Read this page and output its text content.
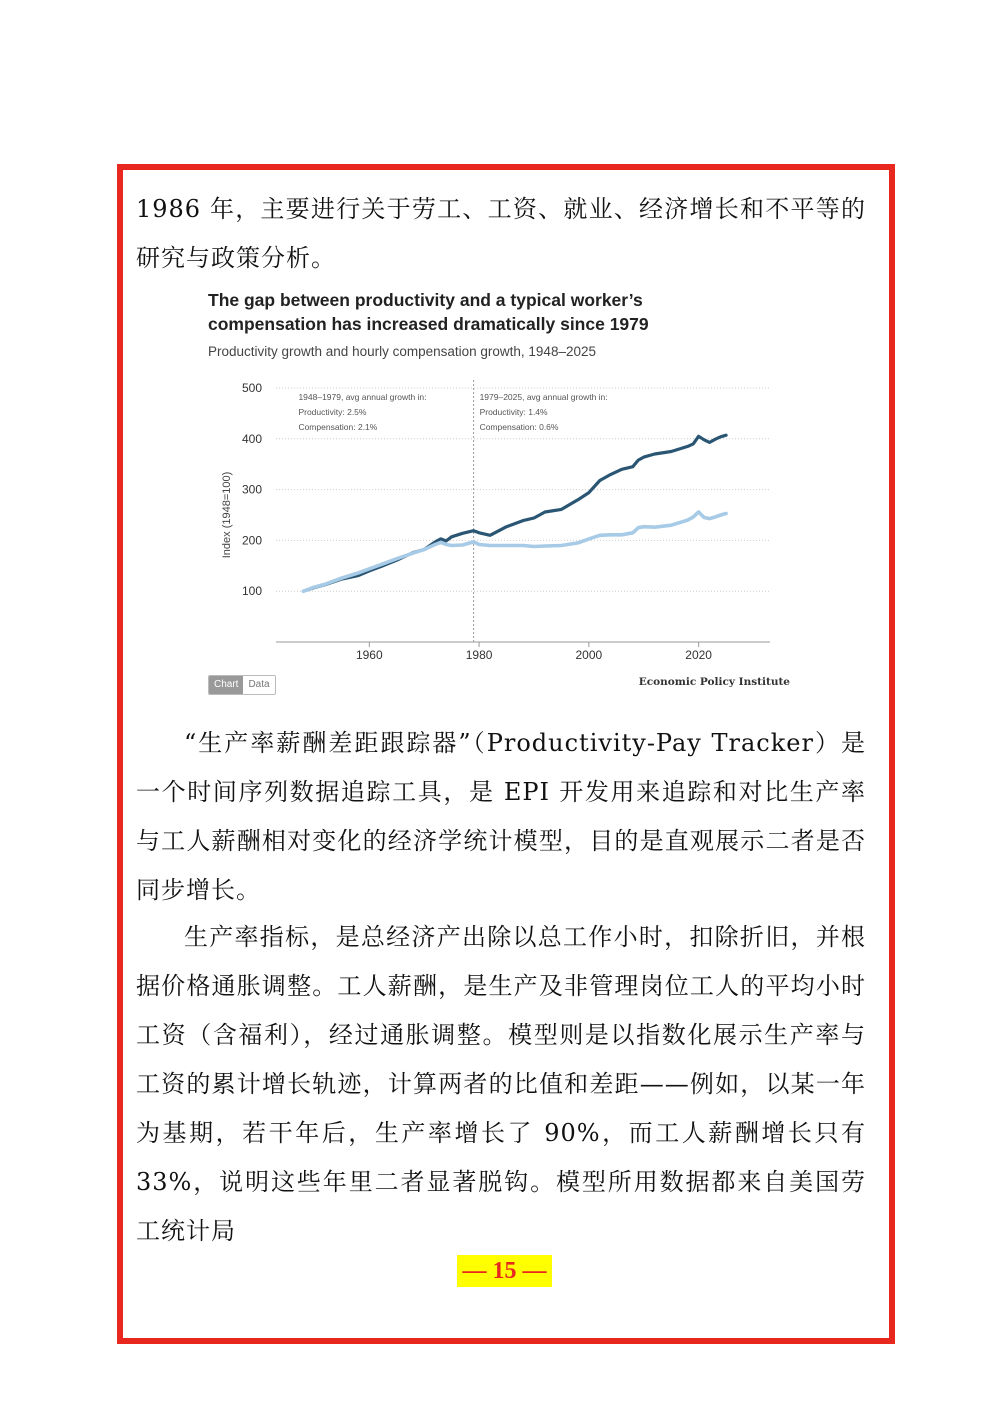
1986 年，主要进行关于劳工、工资、就业、经济增长和不平等的研究与政策分析。

The gap between productivity and a typical worker’s compensation has increased dramatically since 1979
Productivity growth and hourly compensation growth, 1948–2025
100
200
300
400
500
1960	1980	2000	2020
Index (1948=100)
1948–1979, avg annual growth in:
Productivity: 2.5%
Compensation: 2.1%
1979–2025, avg annual growth in:
Productivity: 1.4%
Compensation: 0.6%
Chart	Data	Economic Policy Institute

“生产率薪酬差距跟踪器”（Productivity-Pay Tracker）是一个时间序列数据追踪工具，是 EPI 开发用来追踪和对比生产率与工人薪酬相对变化的经济学统计模型，目的是直观展示二者是否同步增长。

生产率指标，是总经济产出除以总工作小时，扣除折旧，并根据价格通胀调整。工人薪酬，是生产及非管理岗位工人的平均小时工资（含福利），经过通胀调整。模型则是以指数化展示生产率与工资的累计增长轨迹，计算两者的比值和差距——例如，以某一年为基期，若干年后，生产率增长了 90%，而工人薪酬增长只有 33%，说明这些年里二者显著脱钩。模型所用数据都来自美国劳工统计局

— 15 —
